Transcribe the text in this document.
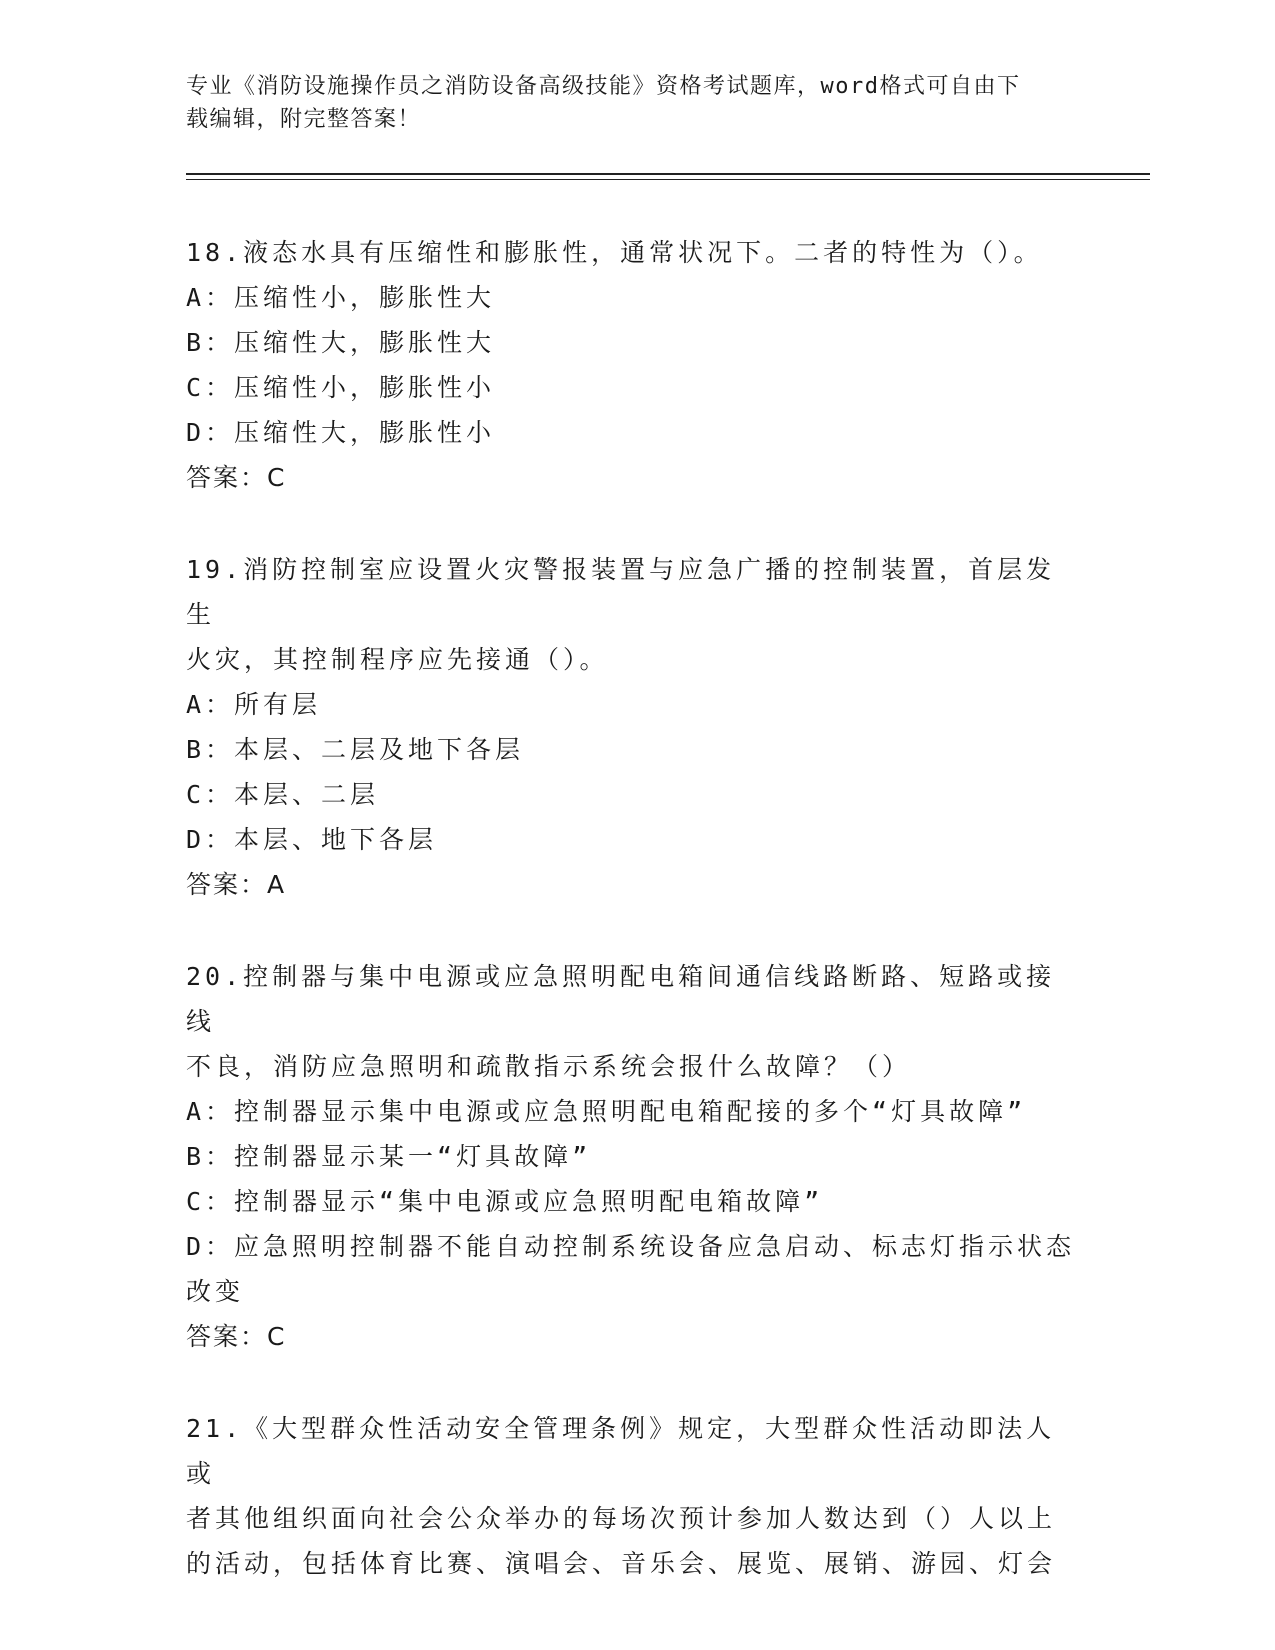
专业《消防设施操作员之消防设备高级技能》资格考试题库，word格式可自由下
载编辑，附完整答案！
18.液态水具有压缩性和膨胀性，通常状况下。二者的特性为（）。
A：压缩性小，膨胀性大
B：压缩性大，膨胀性大
C：压缩性小，膨胀性小
D：压缩性大，膨胀性小
答案：C
19.消防控制室应设置火灾警报装置与应急广播的控制装置，首层发生
火灾，其控制程序应先接通（）。
A：所有层
B：本层、二层及地下各层
C：本层、二层
D：本层、地下各层
答案：A
20.控制器与集中电源或应急照明配电箱间通信线路断路、短路或接线
不良，消防应急照明和疏散指示系统会报什么故障？（）
A：控制器显示集中电源或应急照明配电箱配接的多个“灯具故障”
B：控制器显示某一“灯具故障”
C：控制器显示“集中电源或应急照明配电箱故障”
D：应急照明控制器不能自动控制系统设备应急启动、标志灯指示状态
改变
答案：C
21.《大型群众性活动安全管理条例》规定，大型群众性活动即法人或
者其他组织面向社会公众举办的每场次预计参加人数达到（）人以上
的活动，包括体育比赛、演唱会、音乐会、展览、展销、游园、灯会
